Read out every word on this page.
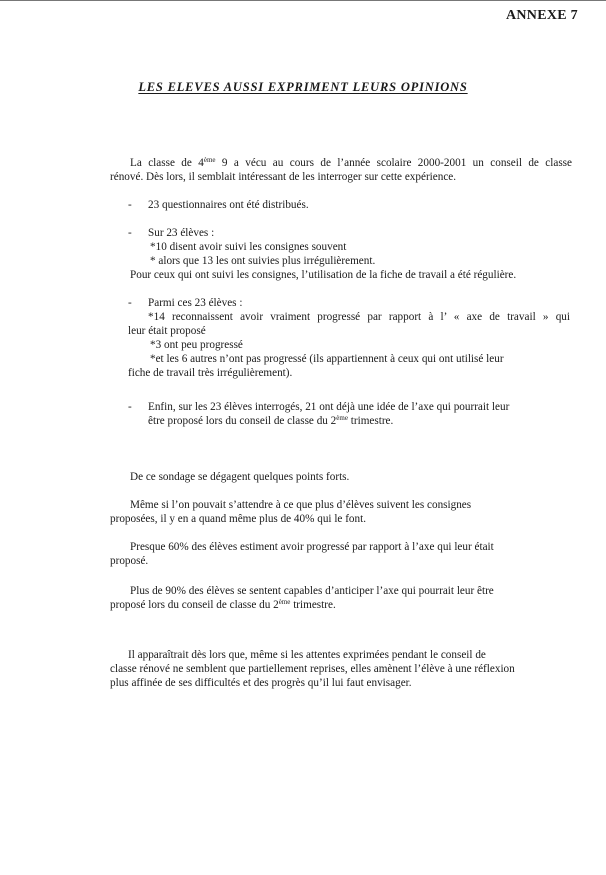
ANNEXE 7
LES ELEVES AUSSI EXPRIMENT LEURS OPINIONS

La classe de 4ème 9 a vécu au cours de l’année scolaire 2000-2001 un conseil de classe

rénové. Dès lors, il semblait intéressant de les interroger sur cette expérience.

- 23 questionnaires ont été distribués.
- Sur 23 élèves :
*10 disent avoir suivi les consignes souvent
* alors que 13 les ont suivies plus irrégulièrement.
Pour ceux qui ont suivi les consignes, l’utilisation de la fiche de travail a été régulière.
- Parmi ces 23 élèves :
*14 reconnaissent avoir vraiment progressé par rapport à l’ « axe de travail » qui
leur était proposé
*3 ont peu progressé
*et les 6 autres n’ont pas progressé (ils appartiennent à ceux qui ont utilisé leur
fiche de travail très irrégulièrement).
- Enfin, sur les 23 élèves interrogés, 21 ont déjà une idée de l’axe qui pourrait leur
être proposé lors du conseil de classe du 2ème trimestre.
De ce sondage se dégagent quelques points forts.
Même si l’on pouvait s’attendre à ce que plus d’élèves suivent les consignes
proposées, il y en a quand même plus de 40% qui le font.
Presque 60% des élèves estiment avoir progressé par rapport à l’axe qui leur était
proposé.
Plus de 90% des élèves se sentent capables d’anticiper l’axe qui pourrait leur être
proposé lors du conseil de classe du 2ème trimestre.
Il apparaîtrait dès lors que, même si les attentes exprimées pendant le conseil de
classe rénové ne semblent que partiellement reprises, elles amènent l’élève à une réflexion
plus affinée de ses difficultés et des progrès qu’il lui faut envisager.
